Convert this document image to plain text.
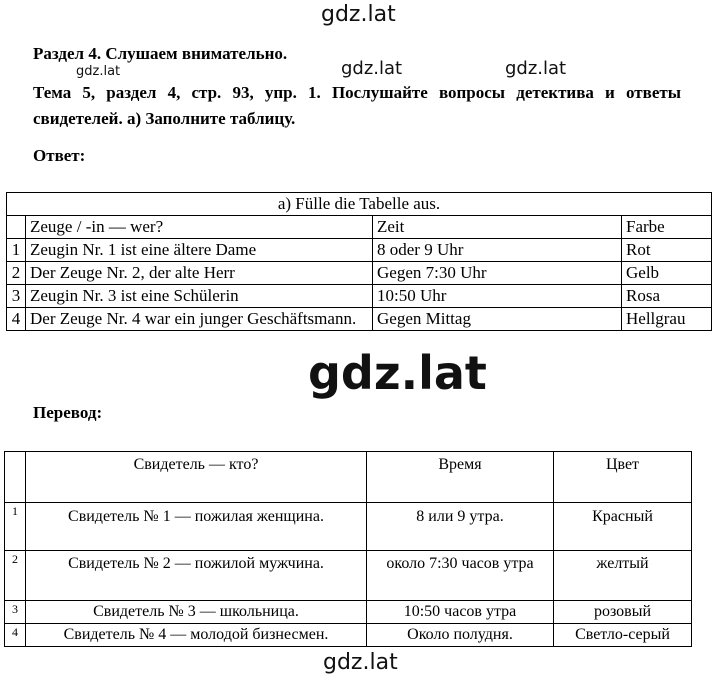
gdz.lat
gdz.lat	gdz.lat	gdz.lat
Раздел 4. Слушаем внимательно.
Тема 5, раздел 4, стр. 93, упр. 1. Послушайте вопросы детектива и ответы свидетелей. а) Заполните таблицу.
Ответ:
a) Fülle die Tabelle aus.			
	Zeuge / -in — wer?	Zeit	Farbe
1	Zeugin Nr. 1 ist eine ältere Dame	8 oder 9 Uhr	Rot
2	Der Zeuge Nr. 2, der alte Herr	Gegen 7:30 Uhr	Gelb
3	Zeugin Nr. 3 ist eine Schülerin	10:50 Uhr	Rosa
4	Der Zeuge Nr. 4 war ein junger Geschäftsmann.	Gegen Mittag	Hellgrau
gdz.lat
Перевод:
	Свидетель — кто?	Время	Цвет
1	Свидетель № 1 — пожилая женщина.	8 или 9 утра.	Красный
2	Свидетель № 2 — пожилой мужчина.	около 7:30 часов утра	желтый
3	Свидетель № 3 — школьница.	10:50 часов утра	розовый
4	Свидетель № 4 — молодой бизнесмен.	Около полудня.	Светло-серый
gdz.lat
